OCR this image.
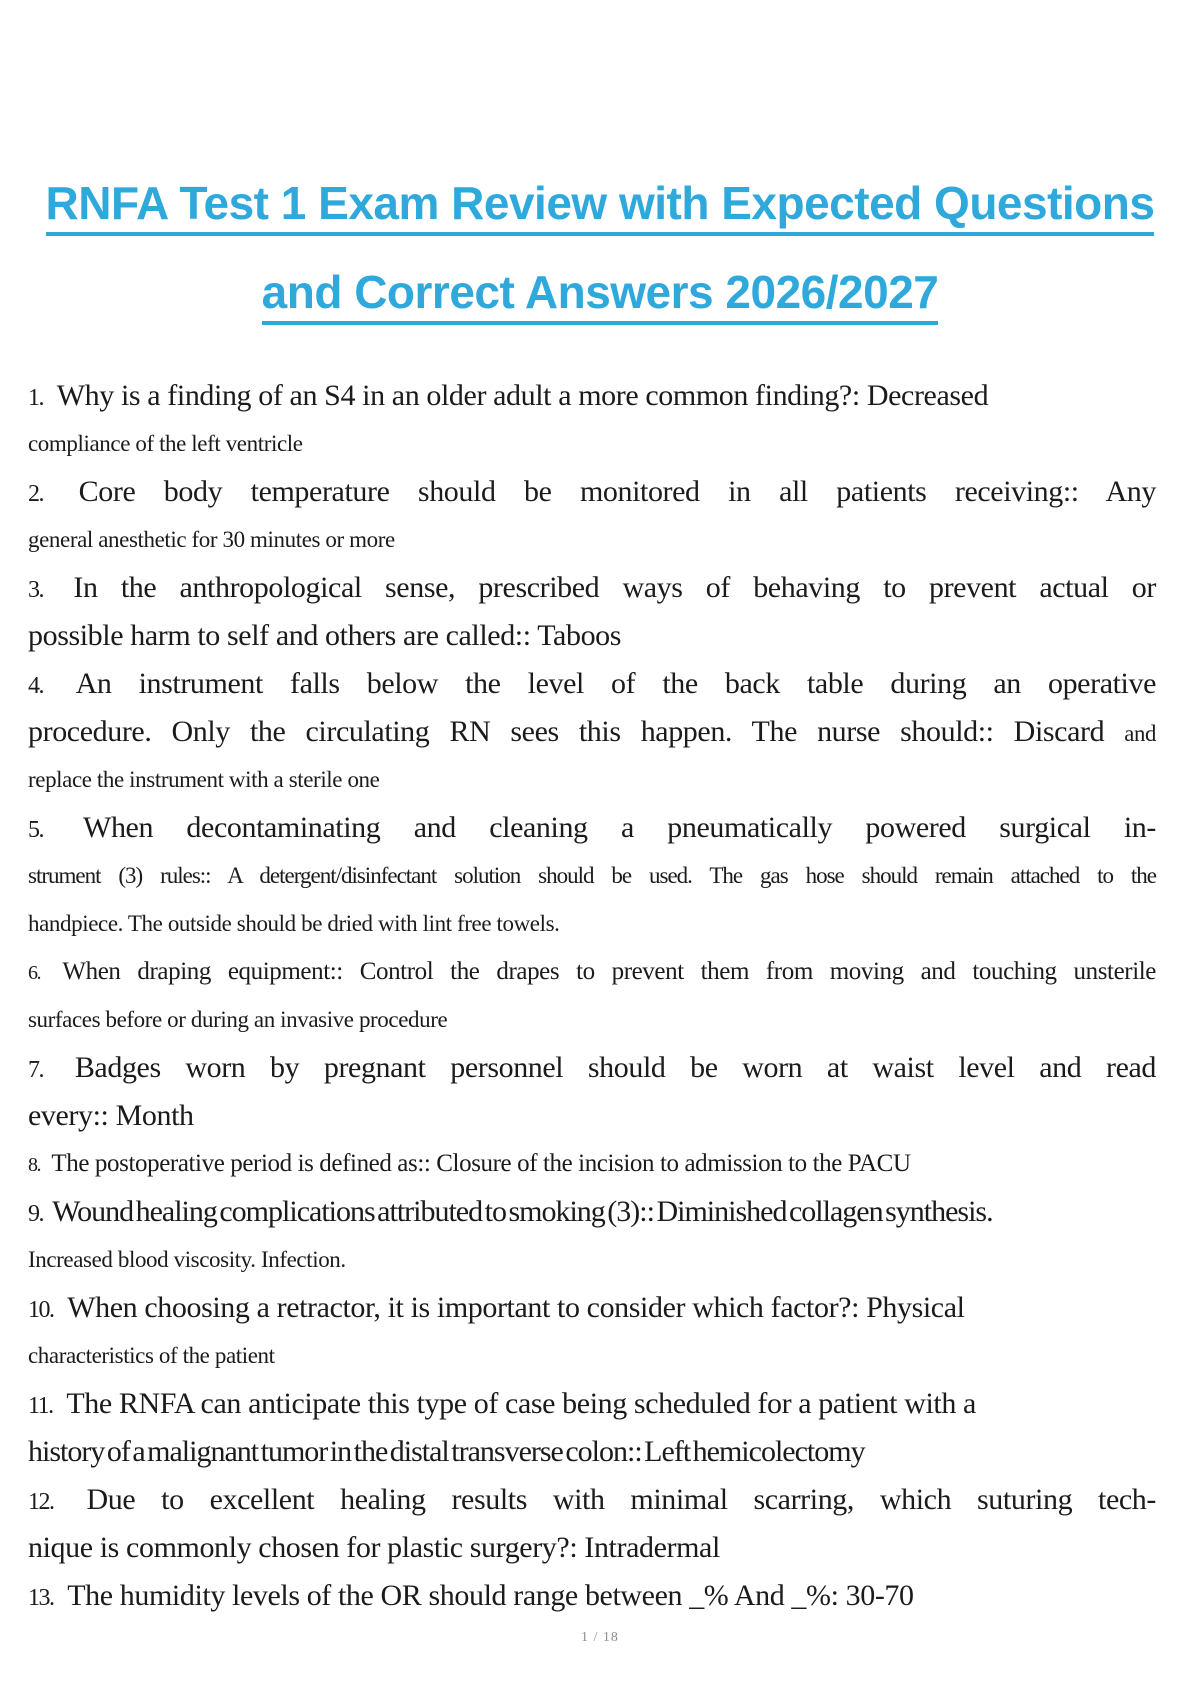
RNFA Test 1 Exam Review with Expected Questions
and Correct Answers 2026/2027
1. Why is a finding of an S4 in an older adult a more common finding?: Decreased
compliance of the left ventricle
2. Core body temperature should be monitored in all patients receiving:: Any
general anesthetic for 30 minutes or more
3. In the anthropological sense, prescribed ways of behaving to prevent actual or
possible harm to self and others are called:: Taboos
4. An instrument falls below the level of the back table during an operative
procedure. Only the circulating RN sees this happen. The nurse should:: Discard and
replace the instrument with a sterile one
5. When decontaminating and cleaning a pneumatically powered surgical in-
strument (3) rules:: A detergent/disinfectant solution should be used. The gas hose should remain attached to the
handpiece. The outside should be dried with lint free towels.
6. When draping equipment:: Control the drapes to prevent them from moving and touching unsterile
surfaces before or during an invasive procedure
7. Badges worn by pregnant personnel should be worn at waist level and read
every:: Month
8. The postoperative period is defined as:: Closure of the incision to admission to the PACU
9. Wound healing complications attributed to smoking (3):: Diminished collagen synthesis.
Increased blood viscosity. Infection.
10. When choosing a retractor, it is important to consider which factor?: Physical
characteristics of the patient
11. The RNFA can anticipate this type of case being scheduled for a patient with a
history of a malignant tumor in the distal transverse colon:: Left hemicolectomy
12. Due to excellent healing results with minimal scarring, which suturing tech-
nique is commonly chosen for plastic surgery?: Intradermal
13. The humidity levels of the OR should range between _% And _%: 30-70
1 / 18
